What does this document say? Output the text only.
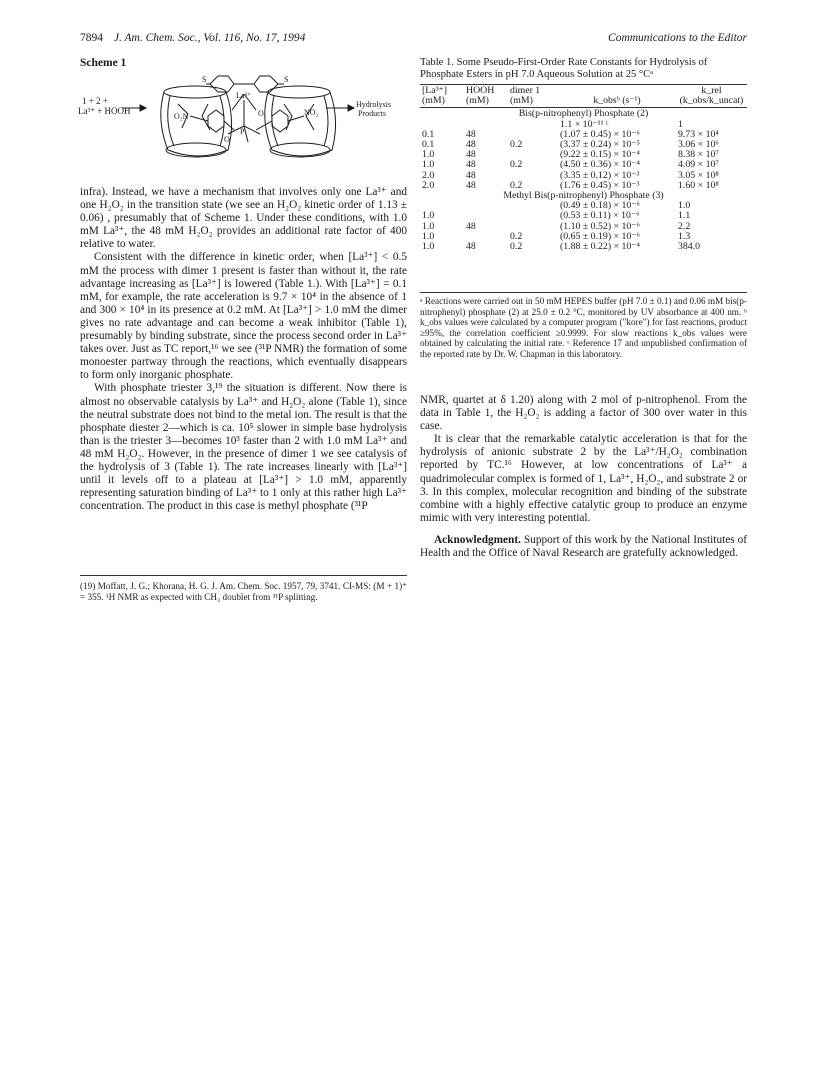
7894 J. Am. Chem. Soc., Vol. 116, No. 17, 1994	Communications to the Editor
Scheme 1
1 + 2 +
La³⁺ + HOOH
Hydrolysis
Products
La³⁺
S	S
P
O
O
O₂N	NO₂

infra). Instead, we have a mechanism that involves only one La³⁺ and one H₂O₂ in the transition state (we see an H₂O₂ kinetic order of 1.13 ± 0.06) , presumably that of Scheme 1. Under these conditions, with 1.0 mM La³⁺, the 48 mM H₂O₂ provides an additional rate factor of 400 relative to water.

Consistent with the difference in kinetic order, when [La³⁺] < 0.5 mM the process with dimer 1 present is faster than without it, the rate advantage increasing as [La³⁺] is lowered (Table 1.). With [La³⁺] = 0.1 mM, for example, the rate acceleration is 9.7 × 10⁴ in the absence of 1 and 300 × 10⁴ in its presence at 0.2 mM. At [La³⁺] > 1.0 mM the dimer gives no rate advantage and can become a weak inhibitor (Table 1), presumably by binding substrate, since the process second order in La³⁺ takes over. Just as TC report,¹⁶ we see (³¹P NMR) the formation of some monoester partway through the reactions, which eventually disappears to form only inorganic phosphate.

With phosphate triester 3,¹⁹ the situation is different. Now there is almost no observable catalysis by La³⁺ and H₂O₂ alone (Table 1), since the neutral substrate does not bind to the metal ion. The result is that the phosphate diester 2—which is ca. 10⁵ slower in simple base hydrolysis than is the triester 3—becomes 10³ faster than 2 with 1.0 mM La³⁺ and 48 mM H₂O₂. However, in the presence of dimer 1 we see catalysis of the hydrolysis of 3 (Table 1). The rate increases linearly with [La³⁺] until it levels off to a plateau at [La³⁺] > 1.0 mM, apparently representing saturation binding of La³⁺ to 1 only at this rather high La³⁺ concentration. The product in this case is methyl phosphate (³¹P

(19) Moffatt, J. G.; Khorana, H. G. J. Am. Chem. Soc. 1957, 79, 3741. CI-MS: (M + 1)⁺ = 355. ¹H NMR as expected with CH₃ doublet from ³¹P splitting.
Table 1. Some Pseudo-First-Order Rate Constants for Hydrolysis of Phosphate Esters in pH 7.0 Aqueous Solution at 25 °Cᵃ
[La³⁺]	HOOH	dimer 1		k_rel
(mM)	(mM)	(mM)	k_obsᵇ (s⁻¹)	(k_obs/k_uncat)

Bis(p-nitrophenyl) Phosphate (2)				
			1.1 × 10⁻¹¹ ᶜ	1
0.1	48		(1.07 ± 0.45) × 10⁻⁶	9.73 × 10⁴
0.1	48	0.2	(3.37 ± 0.24) × 10⁻⁵	3.06 × 10⁶
1.0	48		(9.22 ± 0.15) × 10⁻⁴	8.38 × 10⁷
1.0	48	0.2	(4.50 ± 0.36) × 10⁻⁴	4.09 × 10⁷
2.0	48		(3.35 ± 0.12) × 10⁻³	3.05 × 10⁸
2.0	48	0.2	(1.76 ± 0.45) × 10⁻³	1.60 × 10⁸
Methyl Bis(p-nitrophenyl) Phosphate (3)				
			(0.49 ± 0.18) × 10⁻⁶	1.0
1.0			(0.53 ± 0.11) × 10⁻⁶	1.1
1.0	48		(1.10 ± 0.52) × 10⁻⁶	2.2
1.0		0.2	(0.65 ± 0.19) × 10⁻⁶	1.3
1.0	48	0.2	(1.88 ± 0.22) × 10⁻⁴	384.0
ᵃ Reactions were carried out in 50 mM HEPES buffer (pH 7.0 ± 0.1) and 0.06 mM bis(p-nitrophenyl) phosphate (2) at 25.0 ± 0.2 °C, monitored by UV absorbance at 400 nm. ᵇ k_obs values were calculated by a computer program ("kore") for fast reactions, product ≥95%, the correlation coefficient ≥0.9999. For slow reactions k_obs values were obtained by calculating the initial rate. ᶜ Reference 17 and unpublished confirmation of the reported rate by Dr. W. Chapman in this laboratory.

NMR, quartet at δ 1.20) along with 2 mol of p-nitrophenol. From the data in Table 1, the H₂O₂ is adding a factor of 300 over water in this case.

It is clear that the remarkable catalytic acceleration is that for the hydrolysis of anionic substrate 2 by the La³⁺/H₂O₂ combination reported by TC.¹⁶ However, at low concentrations of La³⁺ a quadrimolecular complex is formed of 1, La³⁺, H₂O₂, and substrate 2 or 3. In this complex, molecular recognition and binding of the substrate combine with a highly effective catalytic group to produce an enzyme mimic with very interesting potential.

Acknowledgment. Support of this work by the National Institutes of Health and the Office of Naval Research are gratefully acknowledged.
